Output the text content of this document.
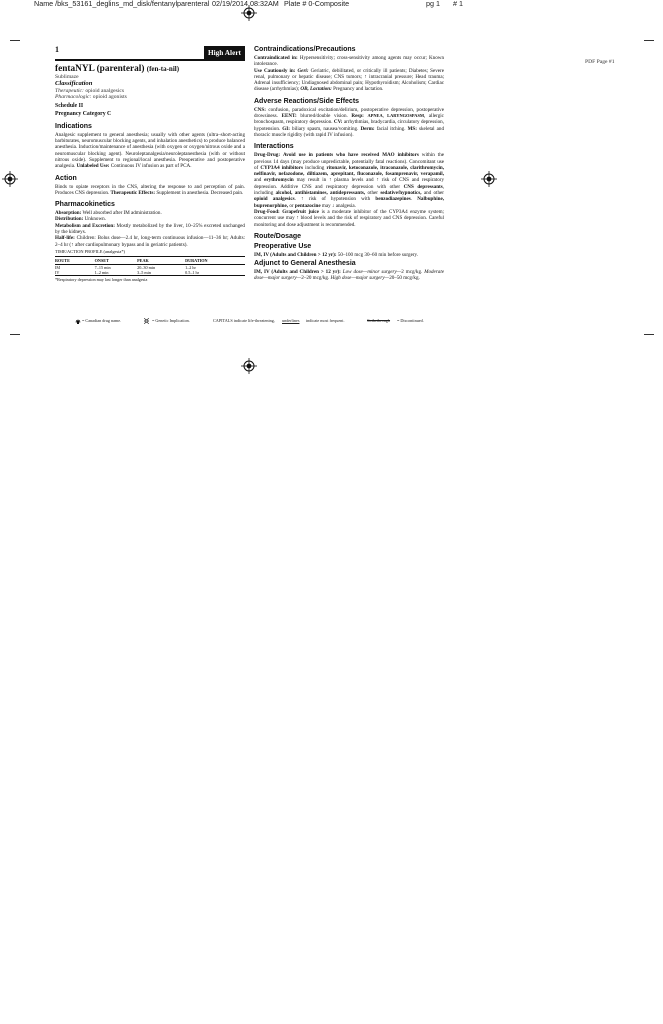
Name /bks_53161_deglins_md_disk/fentanylparenteral 02/19/2014 08:32AM Plate # 0-Composite	pg 1 # 1
PDF Page #1
1	High Alert
fentaNYL (parenteral) (fen-ta-nil)
Sublimaze
Classification
Therapeutic: opioid analgesics
Pharmacologic: opioid agonists
Schedule II
Pregnancy Category C
Indications

Analgesic supplement to general anesthesia; usually with other agents (ultra–short-acting barbiturates, neuromuscular blocking agents, and inhalation anesthetics) to produce balanced anesthesia. Induction/maintenance of anesthesia (with oxygen or oxygen/nitrous oxide and a neuromuscular blocking agent). Neuroleptanalgesia/neuroleptanesthesia (with or without nitrous oxide). Supplement to regional/local anesthesia. Preoperative and postoperative analgesia. Unlabeled Use: Continuous IV infusion as part of PCA.

Action

Binds to opiate receptors in the CNS, altering the response to and perception of pain. Produces CNS depression. Therapeutic Effects: Supplement in anesthesia. Decreased pain.

Pharmacokinetics

Absorption: Well absorbed after IM administration.

Distribution: Unknown.

Metabolism and Excretion: Mostly metabolized by the liver, 10–25% excreted unchanged by the kidneys.

Half-life: Children: Bolus dose—2.4 hr, long-term continuous infusion—11–36 hr; Adults: 2–4 hr (↑ after cardiopulmonary bypass and in geriatric patients).

TIME/ACTION PROFILE (analgesia*)
ROUTE	ONSET	PEAK	DURATION
IM	7–15 min	20–30 min	1–2 hr
IV	1–2 min	3–5 min	0.5–1 hr
*Respiratory depression may last longer than analgesia
Contraindications/Precautions

Contraindicated in: Hypersensitivity; cross-sensitivity among agents may occur; Known intolerance.

Use Cautiously in: Geri: Geriatric, debilitated, or critically ill patients; Diabetes; Severe renal, pulmonary or hepatic disease; CNS tumors; ↑ intracranial pressure; Head trauma; Adrenal insufficiency; Undiagnosed abdominal pain; Hypothyroidism; Alcoholism; Cardiac disease (arrhythmias); OB, Lactation: Pregnancy and lactation.

Adverse Reactions/Side Effects

CNS: confusion, paradoxical excitation/delirium, postoperative depression, postoperative drowsiness. EENT: blurred/double vision. Resp: APNEA, LARYNGOSPASM, allergic bronchospasm, respiratory depression. CV: arrhythmias, bradycardia, circulatory depression, hypotension. GI: biliary spasm, nausea/vomiting. Derm: facial itching. MS: skeletal and thoracic muscle rigidity (with rapid IV infusion).

Interactions

Drug-Drug: Avoid use in patients who have received MAO inhibitors within the previous 14 days (may produce unpredictable, potentially fatal reactions). Concomitant use of CYP3A4 inhibitors including ritonavir, ketoconazole, itraconazole, clarithromycin, nelfinavir, nefazodone, diltiazem, aprepitant, fluconazole, fosamprenavir, verapamil, and erythromycin may result in ↑ plasma levels and ↑ risk of CNS and respiratory depression. Additive CNS and respiratory depression with other CNS depressants, including alcohol, antihistamines, antidepressants, other sedative/hypnotics, and other opioid analgesics. ↑ risk of hypotension with benzodiazepines. Nalbuphine, buprenorphine, or pentazocine may ↓ analgesia.

Drug-Food: Grapefruit juice is a moderate inhibitor of the CYP3A4 enzyme system; concurrent use may ↑ blood levels and the risk of respiratory and CNS depression. Careful monitoring and dose adjustment is recommended.

Route/Dosage
Preoperative Use

IM, IV (Adults and Children > 12 yr): 50–100 mcg 30–60 min before surgery.

Adjunct to General Anesthesia

IM, IV (Adults and Children > 12 yr): Low dose—minor surgery—2 mcg/kg. Moderate dose—major surgery—2–20 mcg/kg. High dose—major surgery—20–50 mcg/kg.

= Canadian drug name.	= Genetic Implication.	CAPITALS indicate life-threatening, underlines indicate most frequent.	Strikethrough = Discontinued.
